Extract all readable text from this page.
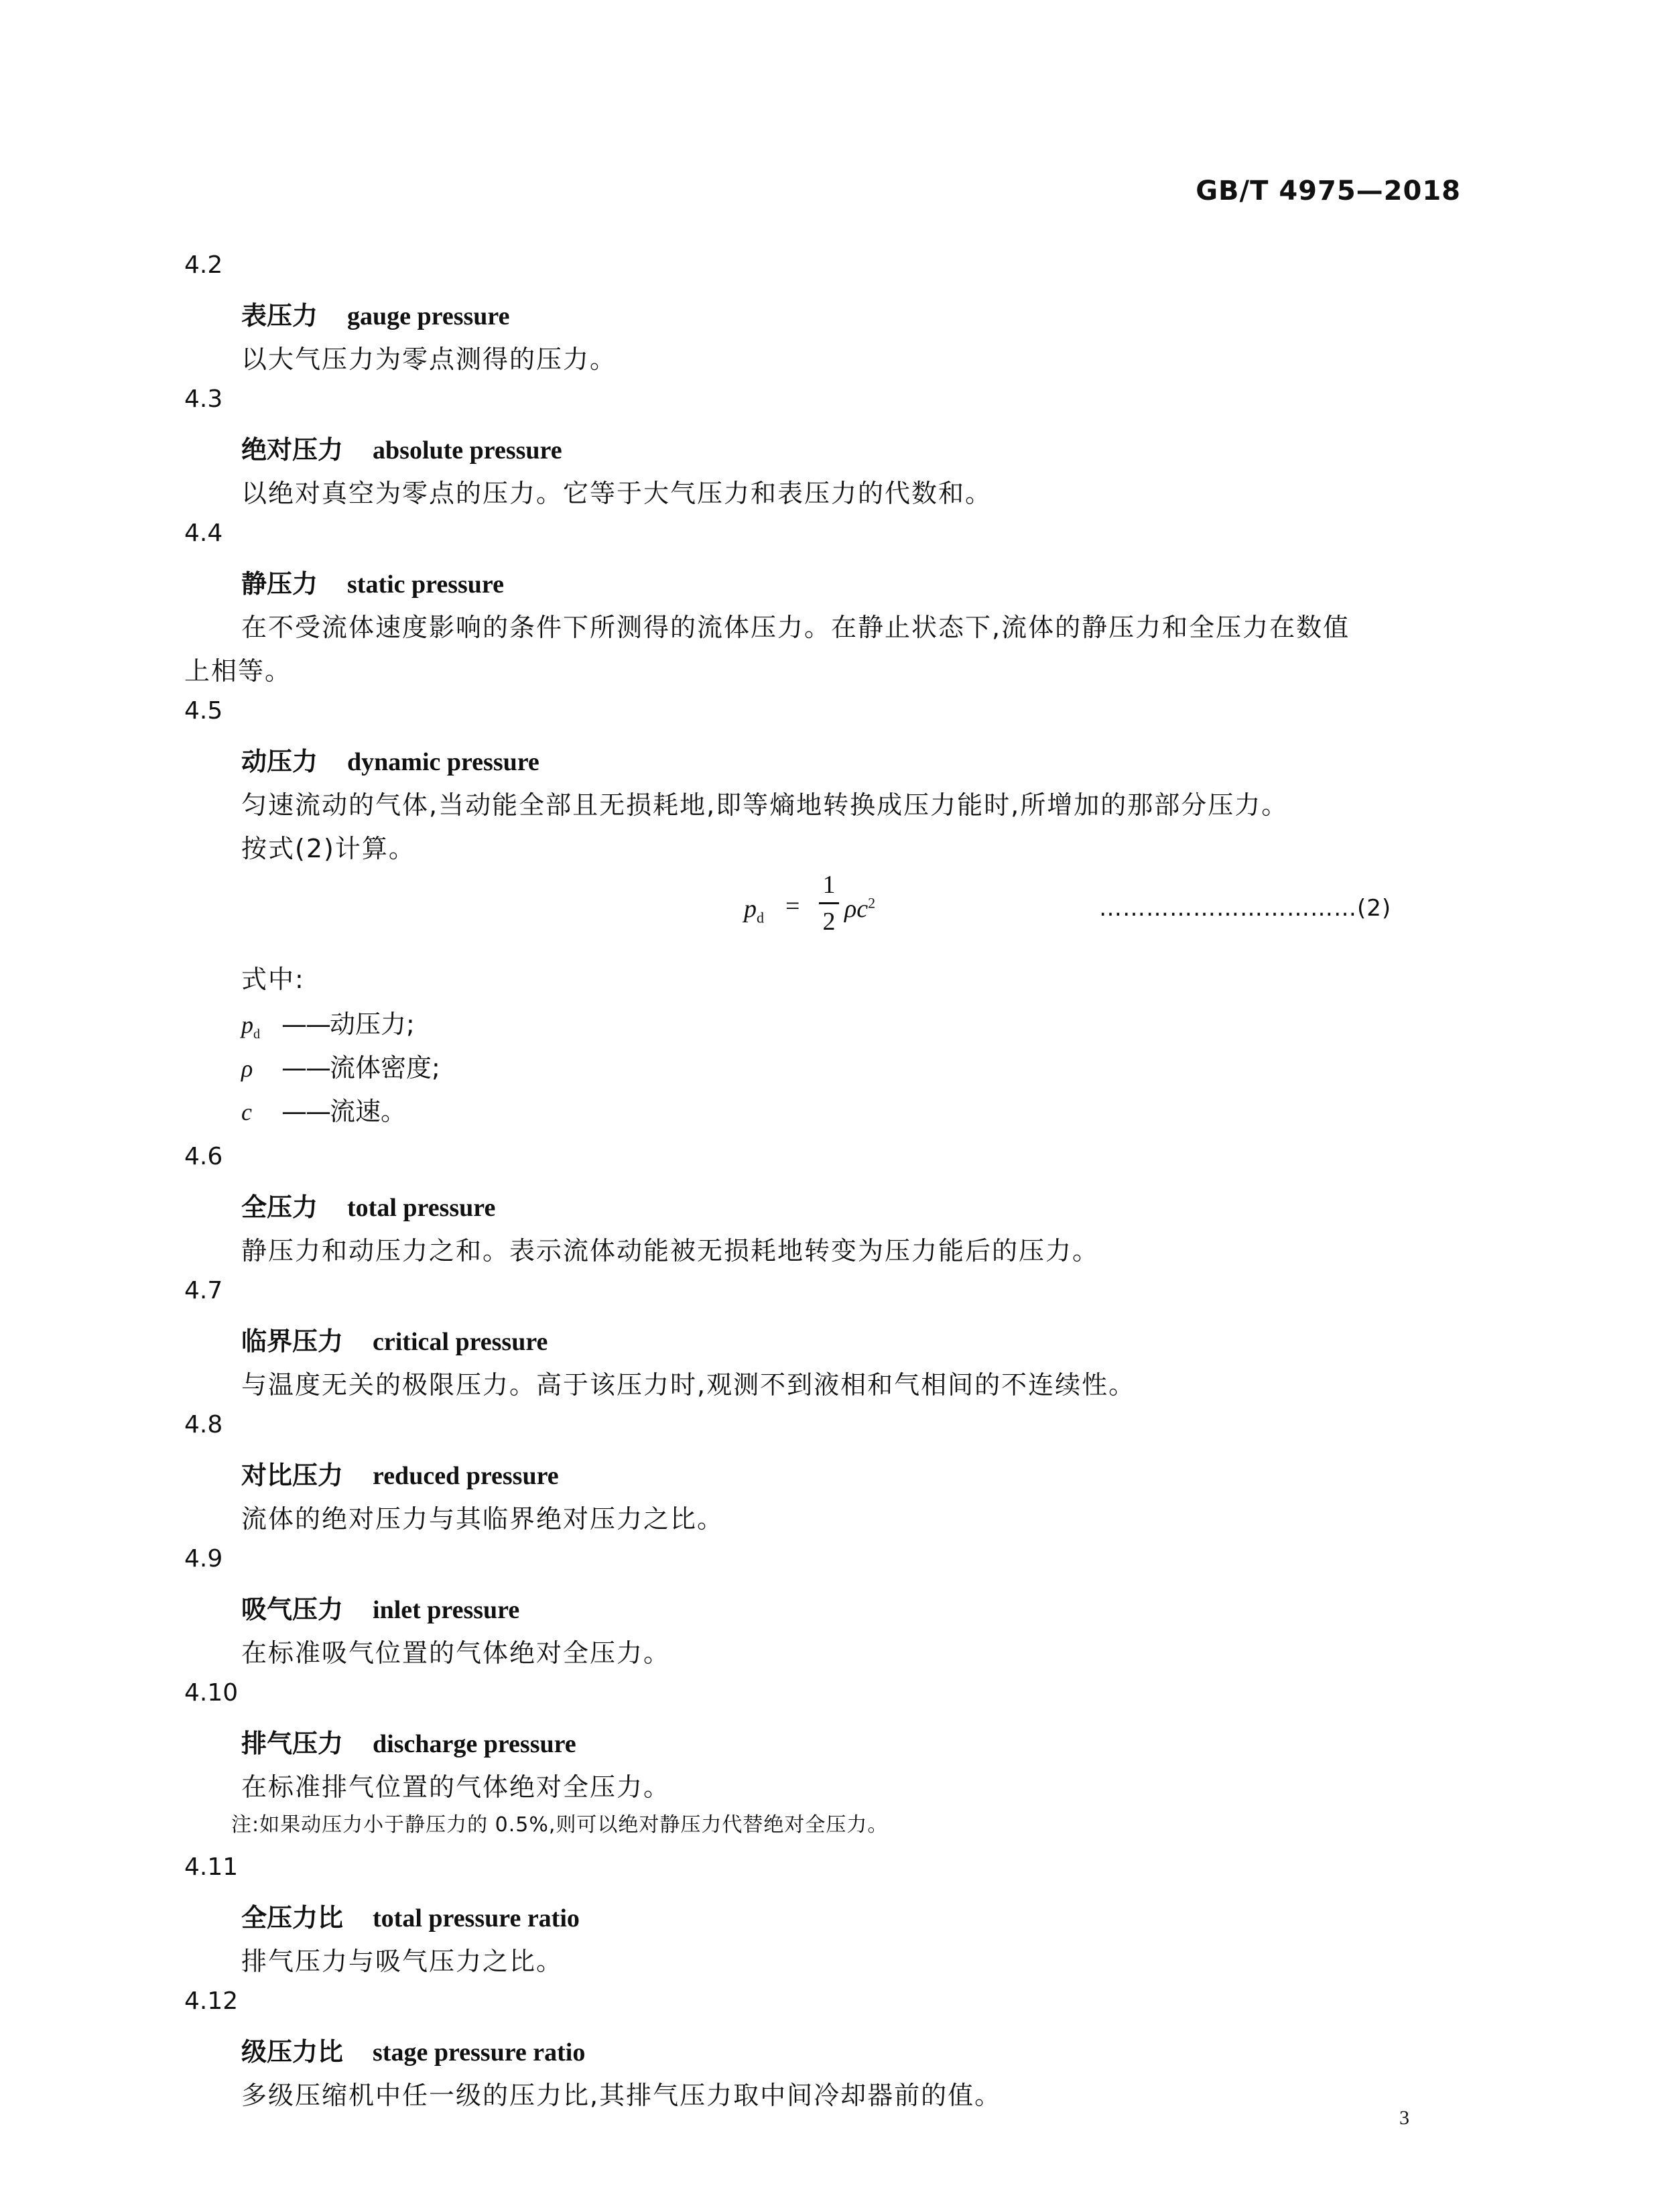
GB/T 4975—2018
4.2
表压力 gauge pressure
以大气压力为零点测得的压力。
4.3
绝对压力 absolute pressure
以绝对真空为零点的压力。它等于大气压力和表压力的代数和。
4.4
静压力 static pressure
在不受流体速度影响的条件下所测得的流体压力。在静止状态下,流体的静压力和全压力在数值
上相等。
4.5
动压力 dynamic pressure
匀速流动的气体,当动能全部且无损耗地,即等熵地转换成压力能时,所增加的那部分压力。
按式(2)计算。
$p_d$ =
1
2 $\rho c^2$	……………………………(2)
式中:
$p_d$ ——动压力;
ρ ——流体密度;
c ——流速。
4.6
全压力 total pressure
静压力和动压力之和。表示流体动能被无损耗地转变为压力能后的压力。
4.7
临界压力 critical pressure
与温度无关的极限压力。高于该压力时,观测不到液相和气相间的不连续性。
4.8
对比压力 reduced pressure
流体的绝对压力与其临界绝对压力之比。
4.9
吸气压力 inlet pressure
在标准吸气位置的气体绝对全压力。
4.10
排气压力 discharge pressure
在标准排气位置的气体绝对全压力。
注:如果动压力小于静压力的 0.5%,则可以绝对静压力代替绝对全压力。
4.11
全压力比 total pressure ratio
排气压力与吸气压力之比。
4.12
级压力比 stage pressure ratio
多级压缩机中任一级的压力比,其排气压力取中间冷却器前的值。
3
